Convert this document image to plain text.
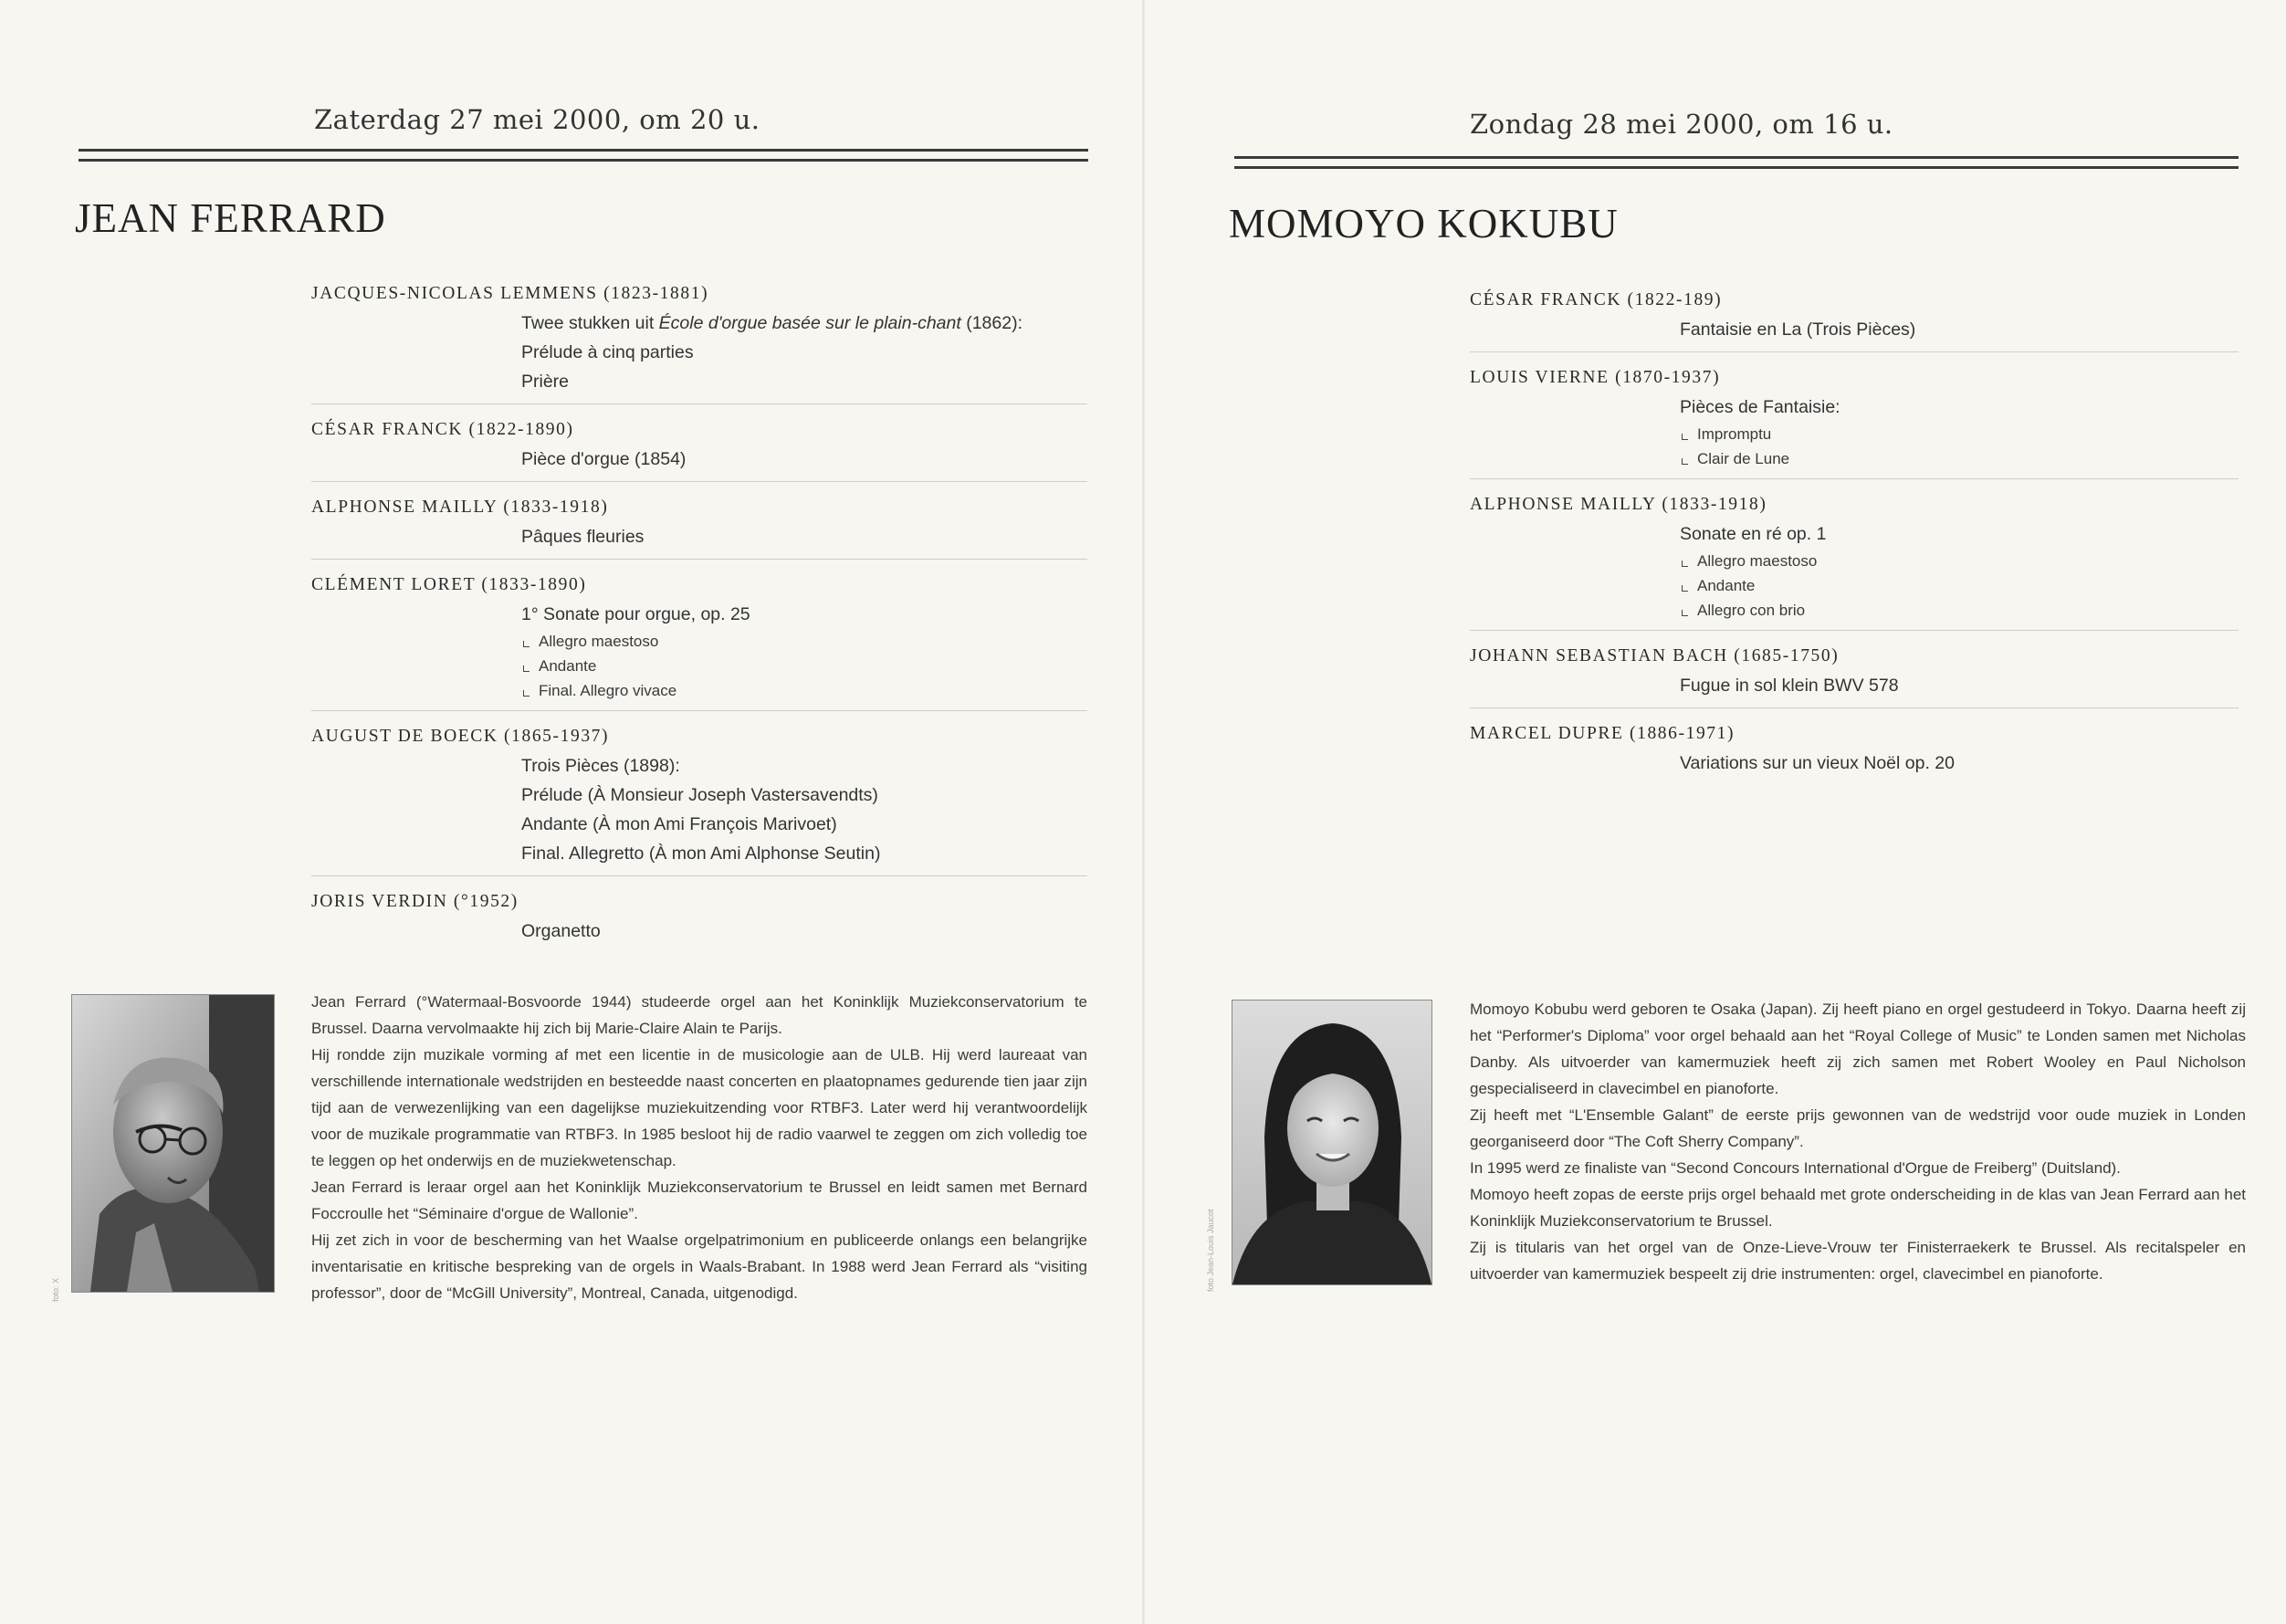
Zaterdag 27 mei 2000, om 20 u.
JEAN FERRARD
JACQUES-NICOLAS LEMMENS (1823-1881)
Twee stukken uit École d'orgue basée sur le plain-chant (1862):
Prélude à cinq parties
Prière
CÉSAR FRANCK (1822-1890)
Pièce d'orgue (1854)
ALPHONSE MAILLY (1833-1918)
Pâques fleuries
CLÉMENT LORET (1833-1890)
1° Sonate pour orgue, op. 25
Allegro maestoso
Andante
Final. Allegro vivace
AUGUST DE BOECK (1865-1937)
Trois Pièces (1898):
Prélude (À Monsieur Joseph Vastersavendts)
Andante (À mon Ami François Marivoet)
Final. Allegretto (À mon Ami Alphonse Seutin)
JORIS VERDIN (°1952)
Organetto
foto: X

Jean Ferrard (°Watermaal-Bosvoorde 1944) studeerde orgel aan het Koninklijk Muziekconservatorium te Brussel. Daarna vervolmaakte hij zich bij Marie-Claire Alain te Parijs.

Hij rondde zijn muzikale vorming af met een licentie in de musicologie aan de ULB. Hij werd laureaat van verschillende internationale wedstrijden en besteedde naast concerten en plaatopnames gedurende tien jaar zijn tijd aan de verwezenlijking van een dagelijkse muziekuitzending voor RTBF3. Later werd hij verantwoordelijk voor de muzikale programmatie van RTBF3. In 1985 besloot hij de radio vaarwel te zeggen om zich volledig toe te leggen op het onderwijs en de muziekwetenschap.

Jean Ferrard is leraar orgel aan het Koninklijk Muziekconservatorium te Brussel en leidt samen met Bernard Foccroulle het “Séminaire d'orgue de Wallonie”.

Hij zet zich in voor de bescherming van het Waalse orgelpatrimonium en publiceerde onlangs een belangrijke inventarisatie en kritische bespreking van de orgels in Waals-Brabant. In 1988 werd Jean Ferrard als “visiting professor”, door de “McGill University”, Montreal, Canada, uitgenodigd.

Zondag 28 mei 2000, om 16 u.
MOMOYO KOKUBU
CÉSAR FRANCK (1822-189)
Fantaisie en La (Trois Pièces)
LOUIS VIERNE (1870-1937)
Pièces de Fantaisie:
Impromptu
Clair de Lune
ALPHONSE MAILLY (1833-1918)
Sonate en ré op. 1
Allegro maestoso
Andante
Allegro con brio
JOHANN SEBASTIAN BACH (1685-1750)
Fugue in sol klein BWV 578
MARCEL DUPRE (1886-1971)
Variations sur un vieux Noël op. 20
foto Jean-Louis Jaucot

Momoyo Kobubu werd geboren te Osaka (Japan). Zij heeft piano en orgel gestudeerd in Tokyo. Daarna heeft zij het “Performer's Diploma” voor orgel behaald aan het “Royal College of Music” te Londen samen met Nicholas Danby. Als uitvoerder van kamermuziek heeft zij zich samen met Robert Wooley en Paul Nicholson gespecialiseerd in clavecimbel en pianoforte.

Zij heeft met “L'Ensemble Galant” de eerste prijs gewonnen van de wedstrijd voor oude muziek in Londen georganiseerd door “The Coft Sherry Company”.

In 1995 werd ze finaliste van “Second Concours International d'Orgue de Freiberg” (Duitsland).

Momoyo heeft zopas de eerste prijs orgel behaald met grote onderscheiding in de klas van Jean Ferrard aan het Koninklijk Muziekconservatorium te Brussel.

Zij is titularis van het orgel van de Onze-Lieve-Vrouw ter Finisterraekerk te Brussel. Als recitalspeler en uitvoerder van kamermuziek bespeelt zij drie instrumenten: orgel, clavecimbel en pianoforte.
